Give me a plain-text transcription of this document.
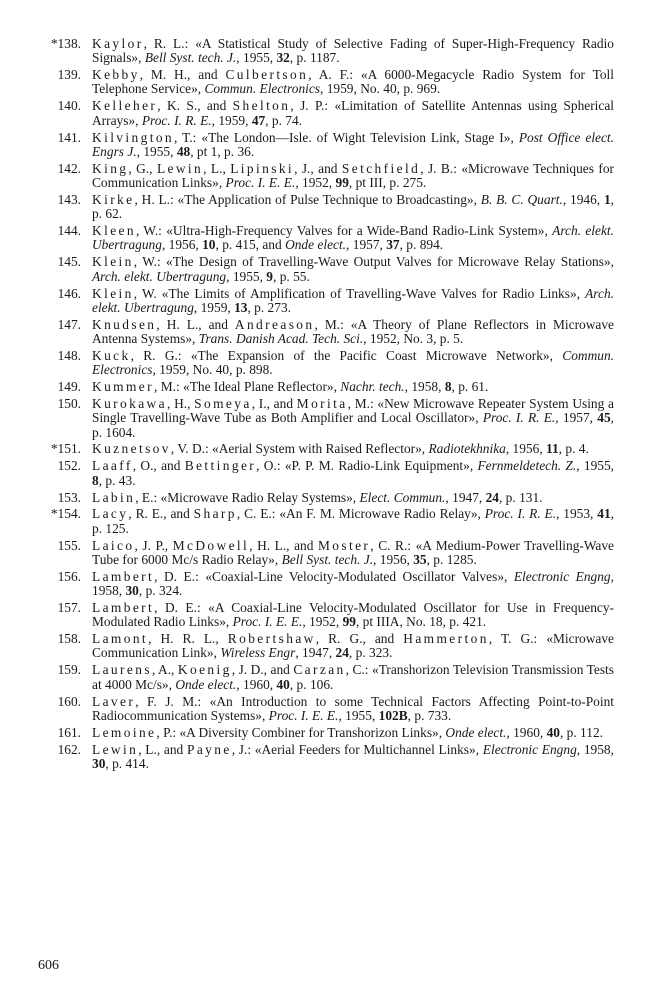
*138. Kaylor, R. L.: «A Statistical Study of Selective Fading of Super-High-Frequency Radio Signals», Bell Syst. tech. J., 1955, 32, p. 1187.
139. Kebby, M. H., and Culbertson, A. F.: «A 6000-Megacycle Radio System for Toll Telephone Service», Commun. Electronics, 1959, No. 40, p. 969.
140. Kelleher, K. S., and Shelton, J. P.: «Limitation of Satellite Antennas using Spherical Arrays», Proc. I. R. E., 1959, 47, p. 74.
141. Kilvington, T.: «The London—Isle. of Wight Television Link, Stage I», Post Office elect. Engrs J., 1955, 48, pt 1, p. 36.
142. King, G., Lewin, L., Lipinski, J., and Setchfield, J. B.: «Microwave Techniques for Communication Links», Proc. I. E. E., 1952, 99, pt III, p. 275.
143. Kirke, H. L.: «The Application of Pulse Technique to Broadcasting», B. B. C. Quart., 1946, 1, p. 62.
144. Kleen, W.: «Ultra-High-Frequency Valves for a Wide-Band Radio-Link System», Arch. elekt. Ubertragung, 1956, 10, p. 415, and Onde elect., 1957, 37, p. 894.
145. Klein, W.: «The Design of Travelling-Wave Output Valves for Microwave Relay Stations», Arch. elekt. Ubertragung, 1955, 9, p. 55.
146. Klein, W. «The Limits of Amplification of Travelling-Wave Valves for Radio Links», Arch. elekt. Ubertragung, 1959, 13, p. 273.
147. Knudsen, H. L., and Andreason, M.: «A Theory of Plane Reflectors in Microwave Antenna Systems», Trans. Danish Acad. Tech. Sci., 1952, No. 3, p. 5.
148. Kuck, R. G.: «The Expansion of the Pacific Coast Microwave Network», Commun. Electronics, 1959, No. 40, p. 898.
149. Kummer, M.: «The Ideal Plane Reflector», Nachr. tech., 1958, 8, p. 61.
150. Kurokawa, H., Someya, I., and Morita, M.: «New Microwave Repeater System Using a Single Travelling-Wave Tube as Both Amplifier and Local Oscillator», Proc. I. R. E., 1957, 45, p. 1604.
*151. Kuznetsov, V. D.: «Aerial System with Raised Reflector», Radiotekhnika, 1956, 11, p. 4.
152. Laaff, O., and Bettinger, O.: «P. P. M. Radio-Link Equipment», Fernmeldetech. Z., 1955, 8, p. 43.
153. Labin, E.: «Microwave Radio Relay Systems», Elect. Commun., 1947, 24, p. 131.
*154. Lacy, R. E., and Sharp, C. E.: «An F. M. Microwave Radio Relay», Proc. I. R. E., 1953, 41, p. 125.
155. Laico, J. P., McDowell, H. L., and Moster, C. R.: «A Medium-Power Travelling-Wave Tube for 6000 Mc/s Radio Relay», Bell Syst. tech. J., 1956, 35, p. 1285.
156. Lambert, D. E.: «Coaxial-Line Velocity-Modulated Oscillator Valves», Electronic Engng, 1958, 30, p. 324.
157. Lambert, D. E.: «A Coaxial-Line Velocity-Modulated Oscillator for Use in Frequency-Modulated Radio Links», Proc. I. E. E., 1952, 99, pt IIIA, No. 18, p. 421.
158. Lamont, H. R. L., Robertshaw, R. G., and Hammerton, T. G.: «Microwave Communication Link», Wireless Engr, 1947, 24, p. 323.
159. Laurens, A., Koenig, J. D., and Carzan, C.: «Transhorizon Television Transmission Tests at 4000 Mc/s», Onde elect., 1960, 40, p. 106.
160. Laver, F. J. M.: «An Introduction to some Technical Factors Affecting Point-to-Point Radiocommunication Systems», Proc. I. E. E., 1955, 102B, p. 733.
161. Lemoine, P.: «A Diversity Combiner for Transhorizon Links», Onde elect., 1960, 40, p. 112.
162. Lewin, L., and Payne, J.: «Aerial Feeders for Multichannel Links», Electronic Engng, 1958, 30, p. 414.
606
